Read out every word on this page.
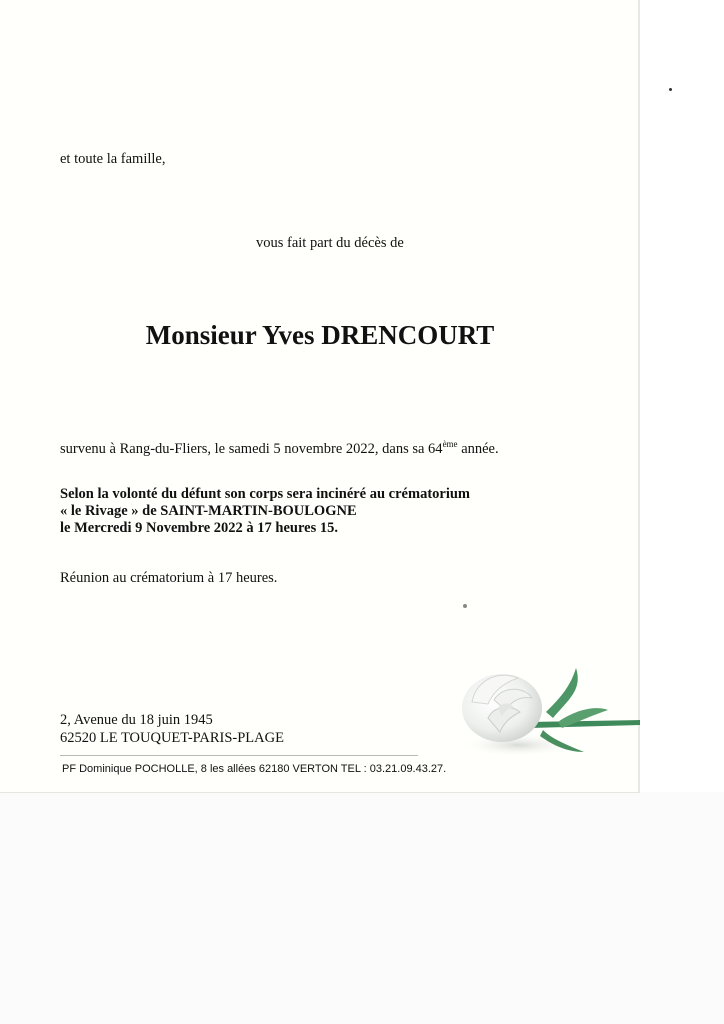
et toute la famille,
vous fait part du décès de
Monsieur Yves DRENCOURT
survenu à Rang-du-Fliers, le samedi 5 novembre 2022, dans sa 64ème année.
Selon la volonté du défunt son corps sera incinéré au crématorium
« le Rivage » de SAINT-MARTIN-BOULOGNE
le Mercredi 9 Novembre 2022 à 17 heures 15.
Réunion au crématorium à 17 heures.
2, Avenue du 18 juin 1945
62520 LE TOUQUET-PARIS-PLAGE
PF Dominique POCHOLLE, 8 les allées 62180 VERTON TEL : 03.21.09.43.27.
